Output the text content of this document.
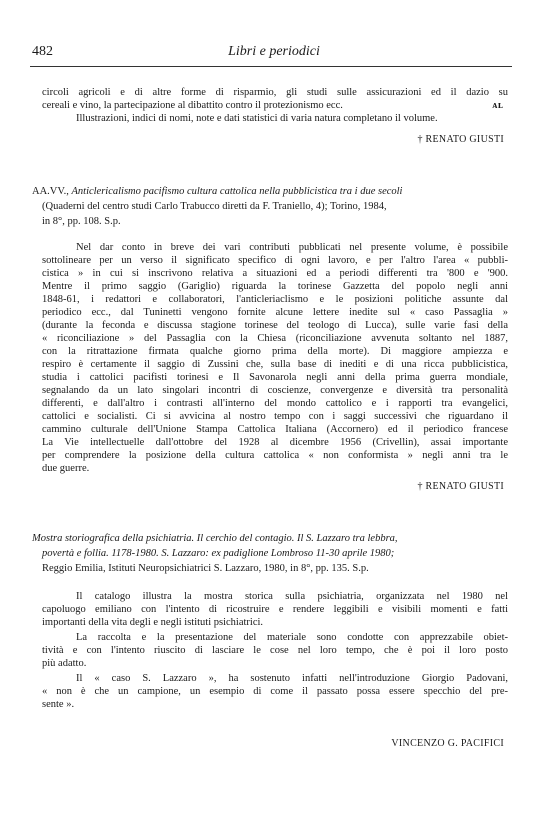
482	Libri e periodici
circoli agricoli e di altre forme di risparmio, gli studi sulle assicurazioni ed il dazio su
cereali e vino, la partecipazione al dibattito contro il protezionismo ecc.	ᴀ ʟ
Illustrazioni, indici di nomi, note e dati statistici di varia natura completano il volume.
† RENATO GIUSTI
AA.VV., Anticlericalismo pacifismo cultura cattolica nella pubblicistica tra i due secoli
(Quaderni del centro studi Carlo Trabucco diretti da F. Traniello, 4); Torino, 1984,
in 8°, pp. 108. S.p.
Nel dar conto in breve dei vari contributi pubblicati nel presente volume, è possibile
sottolineare per un verso il significato specifico di ogni lavoro, e per l'altro l'area « pubbli-
cistica » in cui si inscrivono relativa a situazioni ed a periodi differenti tra '800 e '900.
Mentre il primo saggio (Gariglio) riguarda la torinese Gazzetta del popolo negli anni
1848-61, i redattori e collaboratori, l'anticleriaclismo e le posizioni politiche assunte dal
periodico ecc., dal Tuninetti vengono fornite alcune lettere inedite sul « caso Passaglia »
(durante la feconda e discussa stagione torinese del teologo di Lucca), sulle varie fasi della
« riconciliazione » del Passaglia con la Chiesa (riconciliazione avvenuta soltanto nel 1887,
con la ritrattazione firmata qualche giorno prima della morte). Di maggiore ampiezza e
respiro è certamente il saggio di Zussini che, sulla base di inediti e di una ricca pubblicistica,
studia i cattolici pacifisti torinesi e Il Savonarola negli anni della prima guerra mondiale,
segnalando da un lato singolari incontri di coscienze, convergenze e diversità tra personalità
differenti, e dall'altro i contrasti all'interno del mondo cattolico e i rapporti tra evangelici,
cattolici e socialisti. Ci si avvicina al nostro tempo con i saggi successivi che riguardano il
cammino culturale dell'Unione Stampa Cattolica Italiana (Accornero) ed il periodico francese
La Vie intellectuelle dall'ottobre del 1928 al dicembre 1956 (Crivellin), assai importante
per comprendere la posizione della cultura cattolica « non conformista » negli anni tra le
due guerre.
† RENATO GIUSTI
Mostra storiografica della psichiatria. Il cerchio del contagio. Il S. Lazzaro tra lebbra,
povertà e follia. 1178-1980. S. Lazzaro: ex padiglione Lombroso 11-30 aprile 1980;
Reggio Emilia, Istituti Neuropsichiatrici S. Lazzaro, 1980, in 8°, pp. 135. S.p.
Il catalogo illustra la mostra storica sulla psichiatria, organizzata nel 1980 nel
capoluogo emiliano con l'intento di ricostruire e rendere leggibili e visibili momenti e fatti
importanti della vita degli e negli istituti psichiatrici.
La raccolta e la presentazione del materiale sono condotte con apprezzabile obiet-
tività e con l'intento riuscito di lasciare le cose nel loro tempo, che è poi il loro posto
più adatto.
Il « caso S. Lazzaro », ha sostenuto infatti nell'introduzione Giorgio Padovani,
« non è che un campione, un esempio di come il passato possa essere specchio del pre-
sente ».
VINCENZO G. PACIFICI
